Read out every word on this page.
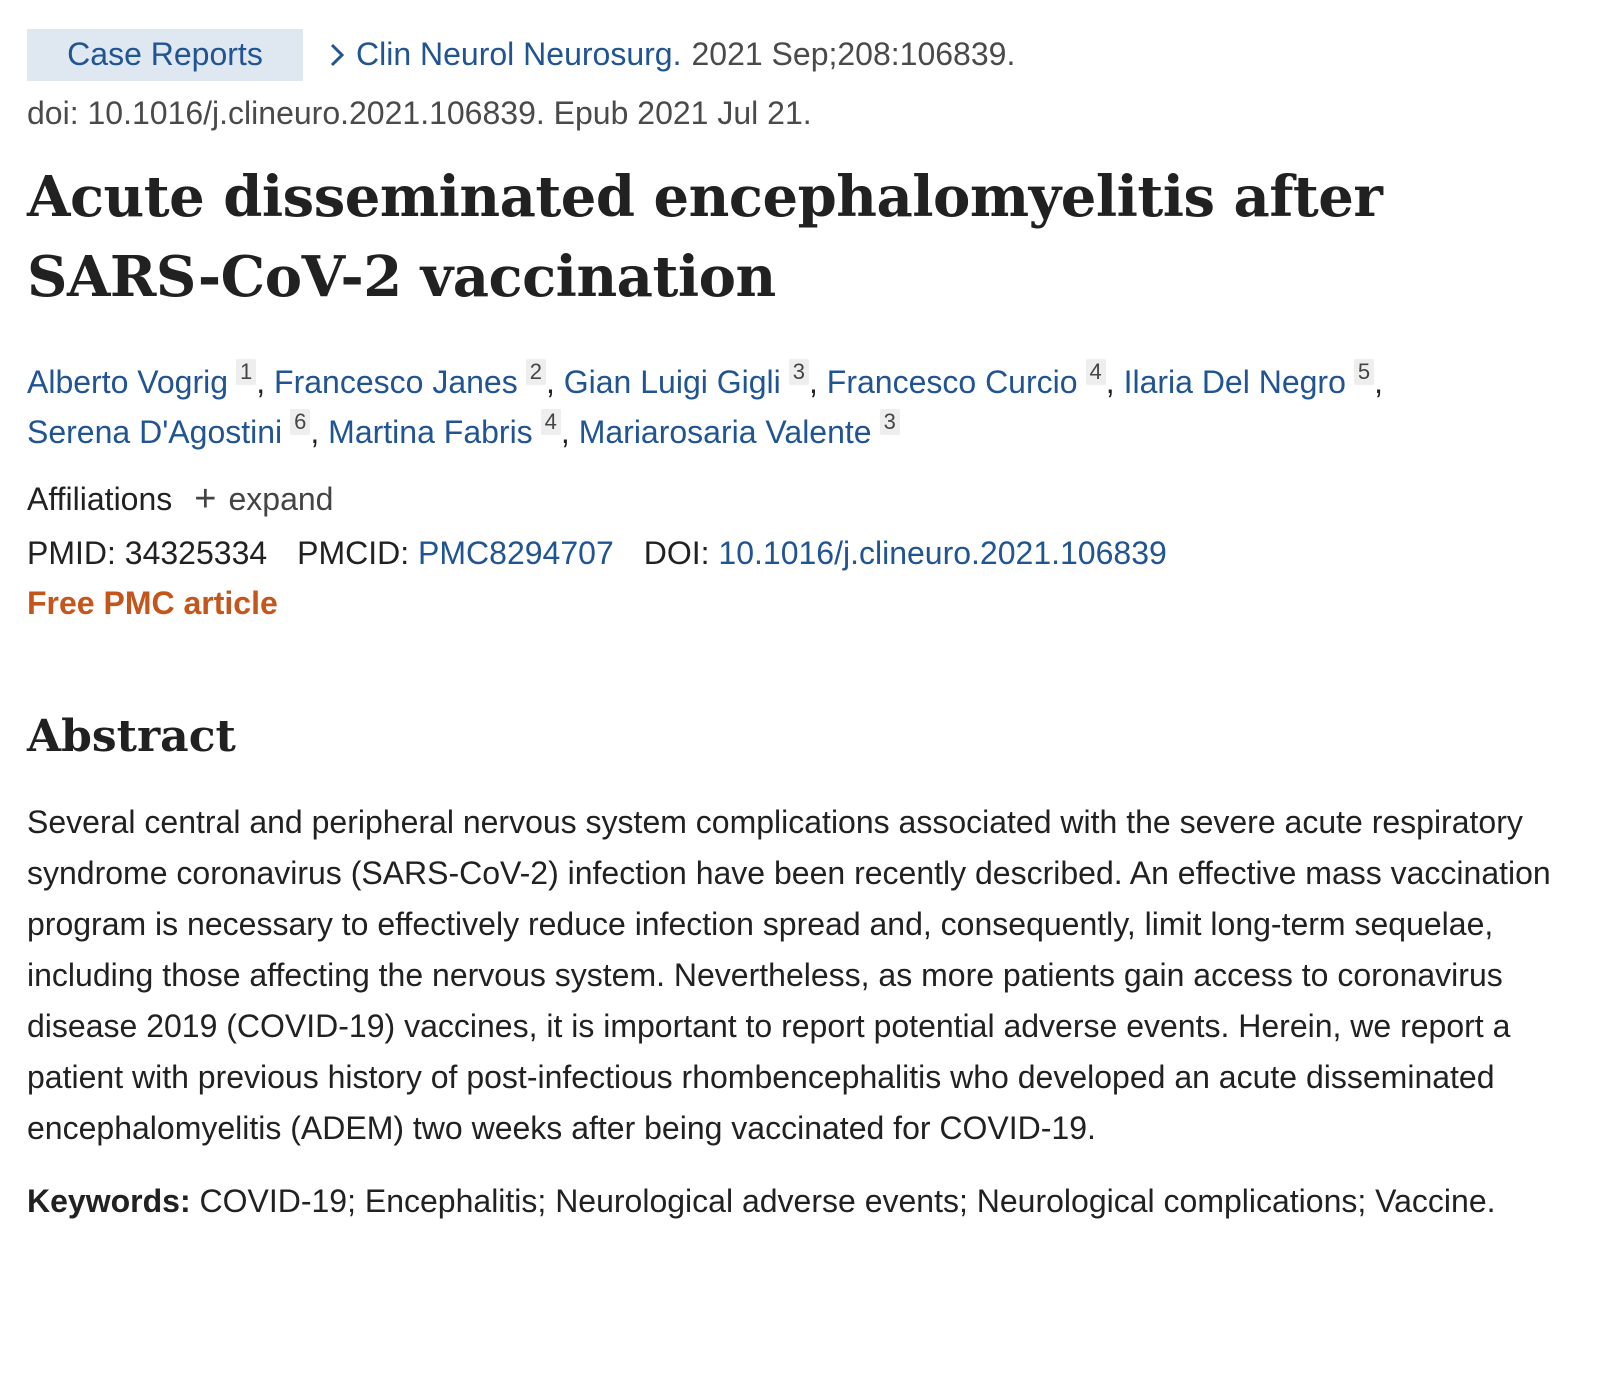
Case Reports	Clin Neurol Neurosurg. 2021 Sep;208:106839.
doi: 10.1016/j.clineuro.2021.106839. Epub 2021 Jul 21.
Acute disseminated encephalomyelitis after SARS-CoV-2 vaccination
Alberto Vogrig 1 , Francesco Janes 2 , Gian Luigi Gigli 3 , Francesco Curcio 4 , Ilaria Del Negro 5 , Serena D'Agostini 6 , Martina Fabris 4 , Mariarosaria Valente 3
Affiliations + expand
PMID:
34325334 PMCID:
PMC8294707 DOI:
10.1016/j.clineuro.2021.106839
Free PMC article
Abstract
Several central and peripheral nervous system complications associated with the severe acute respiratory syndrome coronavirus (SARS-CoV-2) infection have been recently described. An effective mass vaccination program is necessary to effectively reduce infection spread and, consequently, limit long-term sequelae, including those affecting the nervous system. Nevertheless, as more patients gain access to coronavirus disease 2019 (COVID-19) vaccines, it is important to report potential adverse events. Herein, we report a patient with previous history of post-infectious rhombencephalitis who developed an acute disseminated encephalomyelitis (ADEM) two weeks after being vaccinated for COVID-19.
Keywords: COVID-19; Encephalitis; Neurological adverse events; Neurological complications; Vaccine.
